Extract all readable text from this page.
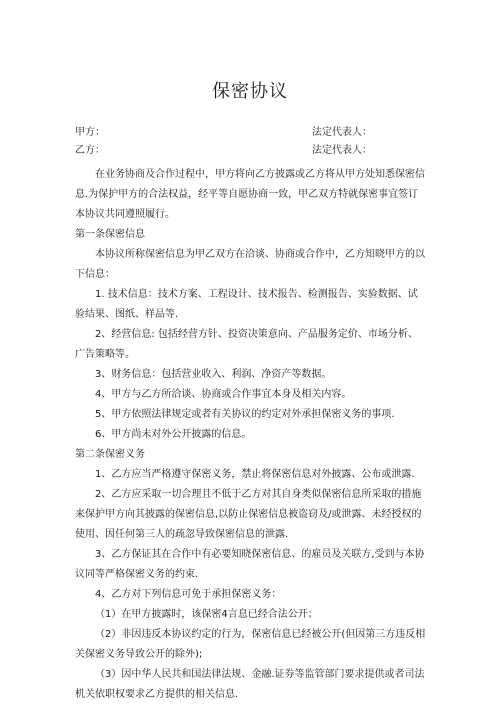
保密协议
甲方：	法定代表人：
乙方：	法定代表人：

在业务协商及合作过程中，甲方将向乙方披露或乙方将从甲方处知悉保密信息.为保护甲方的合法权益，经平等自愿协商一致，甲乙双方特就保密事宜签订本协议共同遵照履行。

第一条保密信息

本协议所称保密信息为甲乙双方在洽谈、协商或合作中，乙方知晓甲方的以下信息：

1. 技术信息：技术方案、工程设计、技术报告、检测报告、实验数据、试验结果、图纸、样品等.

2、经营信息: 包括经营方针、投资决策意向、产品服务定价、市场分析、广告策略等。

3、财务信息：包括营业收入、利润、净资产等数据。

4、甲方与乙方所洽谈、协商或合作事宜本身及相关内容。

5、甲方依照法律规定或者有关协议的约定对外承担保密义务的事项.

6、甲方尚未对外公开披露的信息。

第二条保密义务

1、乙方应当严格遵守保密义务，禁止将保密信息对外披露、公布或泄露.

2、乙方应采取一切合理且不低于乙方对其自身类似保密信息所采取的措施来保护甲方向其披露的保密信息,以防止保密信息被盗窃及/或泄露、未经授权的使用、因任何第三人的疏忽导致保密信息的泄露.

3、乙方保证其在合作中有必要知晓保密信息、的雇员及关联方,受到与本协议同等严格保密义务的约束.

4、乙方对下列信息可免于承担保密义务：

（1）在甲方披露时，该保密4言息已经合法公开；

（2）非因违反本协议约定的行为，保密信息已经被公开(但因第三方违反相关保密义务导致公开的除外);

（3）因中华人民共和国法律法规、金融.证券等监管部门要求提供或者司法机关依职权要求乙方提供的相关信息.
